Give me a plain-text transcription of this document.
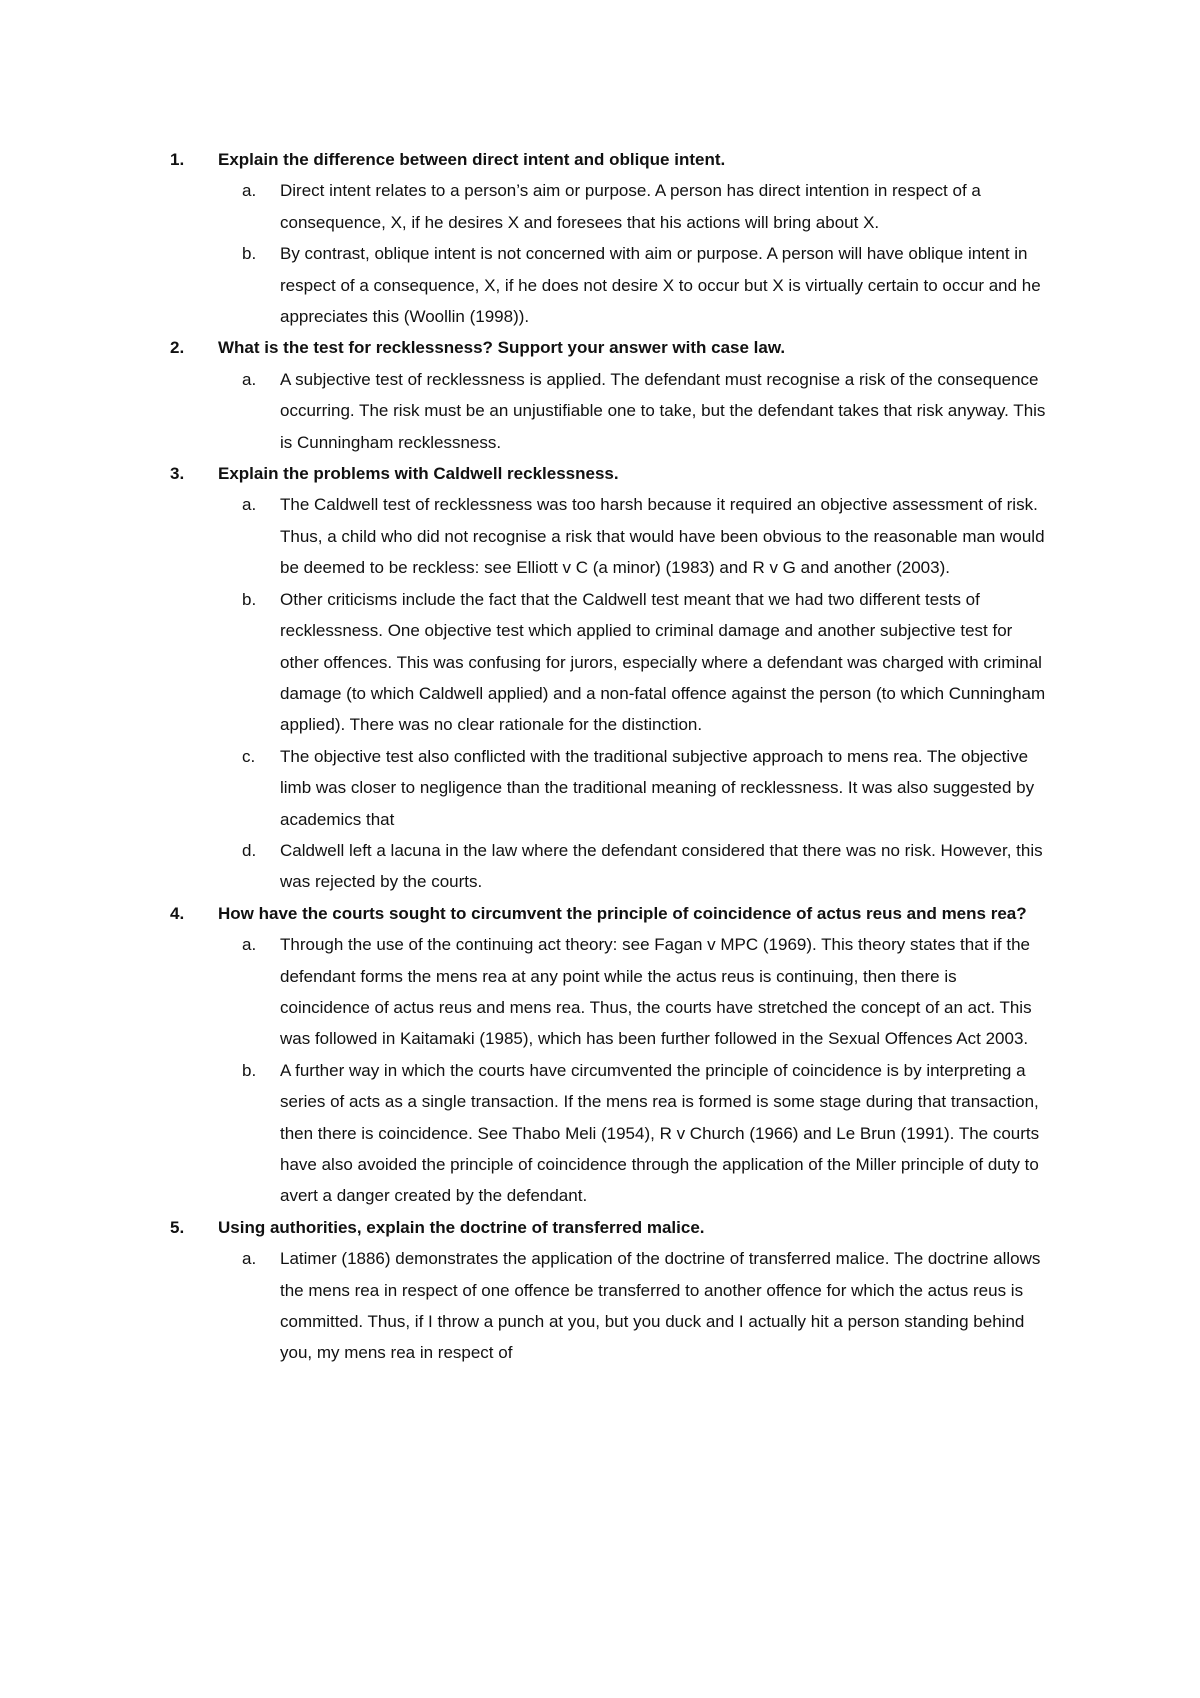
1.	Explain the difference between direct intent and oblique intent.
a.	Direct intent relates to a person’s aim or purpose. A person has direct intention in respect of a consequence, X, if he desires X and foresees that his actions will bring about X.
b.	By contrast, oblique intent is not concerned with aim or purpose. A person will have oblique intent in respect of a consequence, X, if he does not desire X to occur but X is virtually certain to occur and he appreciates this (Woollin (1998)).
2.	What is the test for recklessness? Support your answer with case law.
a.	A subjective test of recklessness is applied. The defendant must recognise a risk of the consequence occurring. The risk must be an unjustifiable one to take, but the defendant takes that risk anyway. This is Cunningham recklessness.
3.	Explain the problems with Caldwell recklessness.
a.	The Caldwell test of recklessness was too harsh because it required an objective assessment of risk. Thus, a child who did not recognise a risk that would have been obvious to the reasonable man would be deemed to be reckless: see Elliott v C (a minor) (1983) and R v G and another (2003).
b.	Other criticisms include the fact that the Caldwell test meant that we had two different tests of recklessness. One objective test which applied to criminal damage and another subjective test for other offences. This was confusing for jurors, especially where a defendant was charged with criminal damage (to which Caldwell applied) and a non-fatal offence against the person (to which Cunningham applied). There was no clear rationale for the distinction.
c.	The objective test also conflicted with the traditional subjective approach to mens rea. The objective limb was closer to negligence than the traditional meaning of recklessness. It was also suggested by academics that
d.	Caldwell left a lacuna in the law where the defendant considered that there was no risk. However, this was rejected by the courts.
4.	How have the courts sought to circumvent the principle of coincidence of actus reus and mens rea?
a.	Through the use of the continuing act theory: see Fagan v MPC (1969). This theory states that if the defendant forms the mens rea at any point while the actus reus is continuing, then there is coincidence of actus reus and mens rea. Thus, the courts have stretched the concept of an act. This was followed in Kaitamaki (1985), which has been further followed in the Sexual Offences Act 2003.
b.	A further way in which the courts have circumvented the principle of coincidence is by interpreting a series of acts as a single transaction. If the mens rea is formed is some stage during that transaction, then there is coincidence. See Thabo Meli (1954), R v Church (1966) and Le Brun (1991). The courts have also avoided the principle of coincidence through the application of the Miller principle of duty to avert a danger created by the defendant.
5.	Using authorities, explain the doctrine of transferred malice.
a.	Latimer (1886) demonstrates the application of the doctrine of transferred malice. The doctrine allows the mens rea in respect of one offence be transferred to another offence for which the actus reus is committed. Thus, if I throw a punch at you, but you duck and I actually hit a person standing behind you, my mens rea in respect of
